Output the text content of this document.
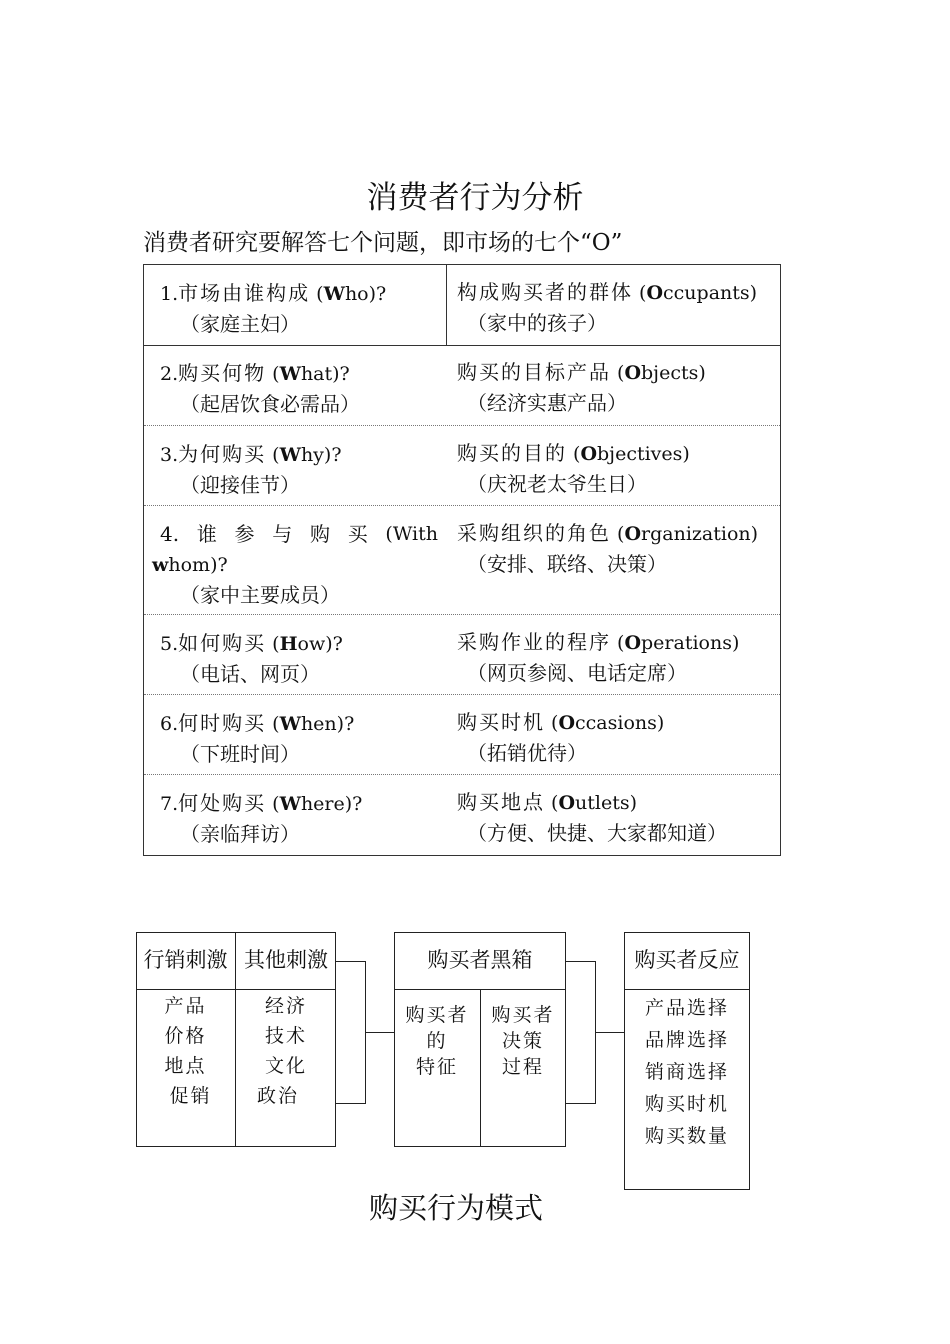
消费者行为分析
消费者研究要解答七个问题，即市场的七个“O”
1.市场由谁构成 (Who)?
（家庭主妇）
构成购买者的群体 (Occupants)
（家中的孩子）
2.购买何物 (What)?
（起居饮食必需品）
购买的目标产品 (Objects)
（经济实惠产品）
3.为何购买 (Why)?
（迎接佳节）
购买的目的 (Objectives)
（庆祝老太爷生日）
4. 谁 参 与 购 买 (With
whom)?
（家中主要成员）
采购组织的角色 (Organization)
（安排、联络、决策）
5.如何购买 (How)?
（电话、网页）
采购作业的程序 (Operations)
（网页参阅、电话定席）
6.何时购买 (When)?
（下班时间）
购买时机 (Occasions)
（拓销优待）
7.何处购买 (Where)?
（亲临拜访）
购买地点 (Outlets)
（方便、快捷、大家都知道）
行销刺激 其他刺激
产品
价格
地点
促销
经济
技术
文化
政治
购买者黑箱
购买者
的
特征
购买者
决策
过程
购买者反应
产品选择
品牌选择
销商选择
购买时机
购买数量
购买行为模式
